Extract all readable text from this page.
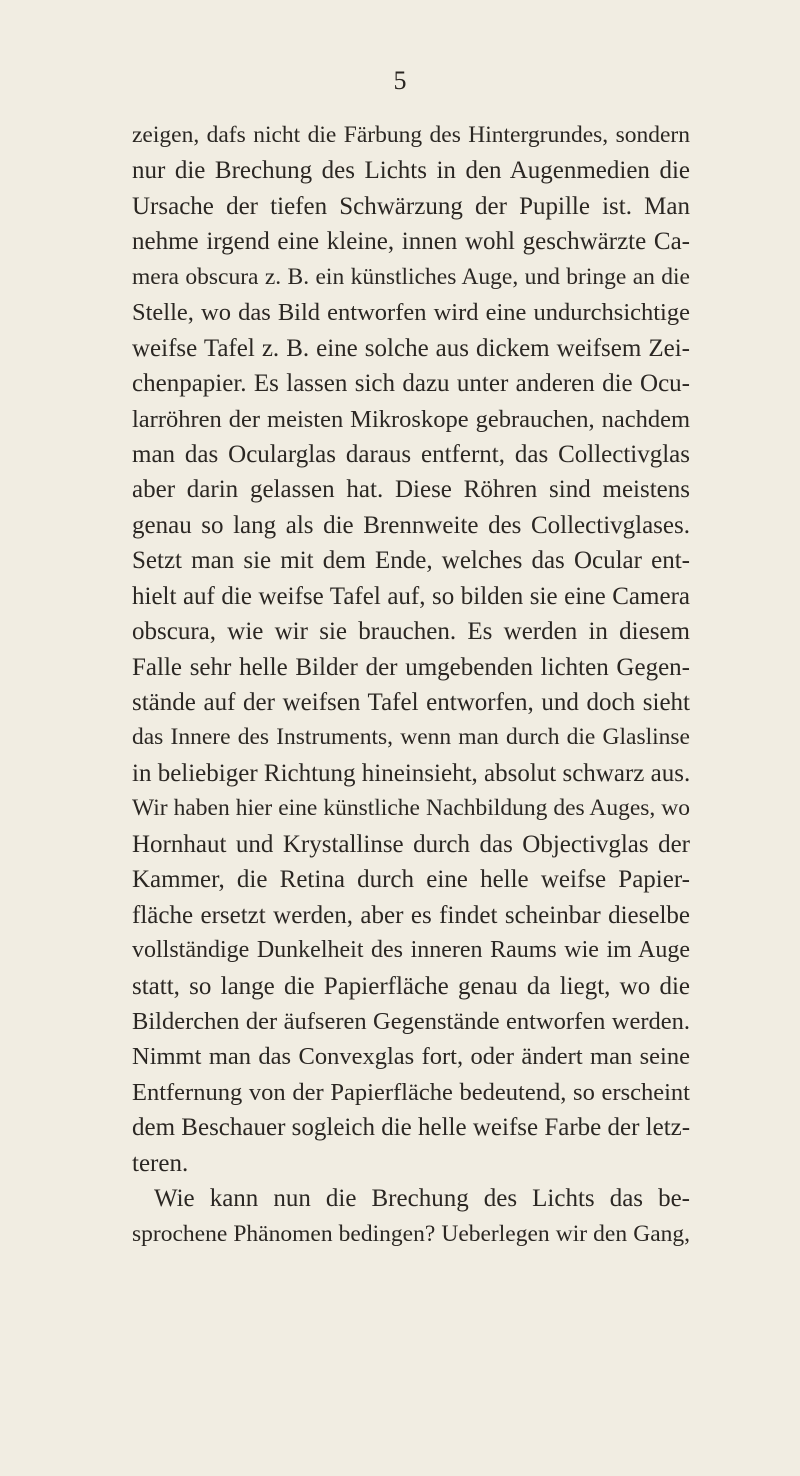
5
zeigen, dafs nicht die Färbung des Hintergrundes, sondern
nur die Brechung des Lichts in den Augenmedien die
Ursache der tiefen Schwärzung der Pupille ist. Man
nehme irgend eine kleine, innen wohl geschwärzte Ca-
mera obscura z. B. ein künstliches Auge, und bringe an die
Stelle, wo das Bild entworfen wird eine undurchsichtige
weifse Tafel z. B. eine solche aus dickem weifsem Zei-
chenpapier. Es lassen sich dazu unter anderen die Ocu-
larröhren der meisten Mikroskope gebrauchen, nachdem
man das Ocularglas daraus entfernt, das Collectivglas
aber darin gelassen hat. Diese Röhren sind meistens
genau so lang als die Brennweite des Collectivglases.
Setzt man sie mit dem Ende, welches das Ocular ent-
hielt auf die weifse Tafel auf, so bilden sie eine Camera
obscura, wie wir sie brauchen. Es werden in diesem
Falle sehr helle Bilder der umgebenden lichten Gegen-
stände auf der weifsen Tafel entworfen, und doch sieht
das Innere des Instruments, wenn man durch die Glaslinse
in beliebiger Richtung hineinsieht, absolut schwarz aus.
Wir haben hier eine künstliche Nachbildung des Auges, wo
Hornhaut und Krystallinse durch das Objectivglas der
Kammer, die Retina durch eine helle weifse Papier-
fläche ersetzt werden, aber es findet scheinbar dieselbe
vollständige Dunkelheit des inneren Raums wie im Auge
statt, so lange die Papierfläche genau da liegt, wo die
Bilderchen der äufseren Gegenstände entworfen werden.
Nimmt man das Convexglas fort, oder ändert man seine
Entfernung von der Papierfläche bedeutend, so erscheint
dem Beschauer sogleich die helle weifse Farbe der letz-
teren.
Wie kann nun die Brechung des Lichts das be-
sprochene Phänomen bedingen? Ueberlegen wir den Gang,
